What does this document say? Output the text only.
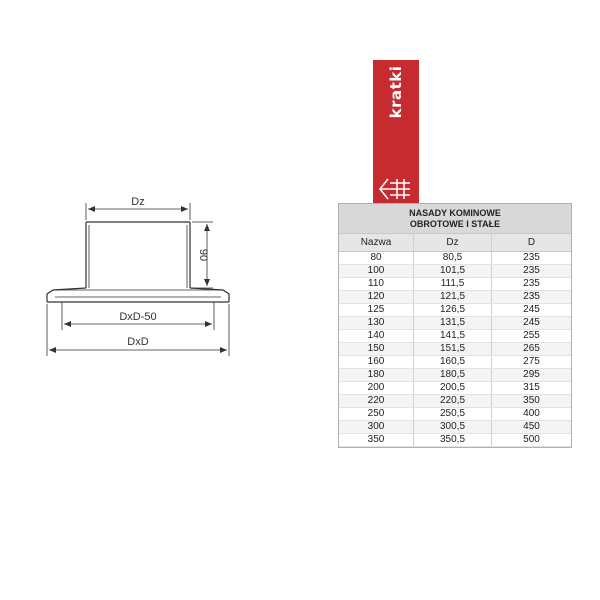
Dz
90
DxD-50
DxD
kratki
NASADY KOMINOWE
OBROTOWE I STAŁE
Nazwa	Dz	D
80	80,5	235
100	101,5	235
110	111,5	235
120	121,5	235
125	126,5	245
130	131,5	245
140	141,5	255
150	151,5	265
160	160,5	275
180	180,5	295
200	200,5	315
220	220,5	350
250	250,5	400
300	300,5	450
350	350,5	500
